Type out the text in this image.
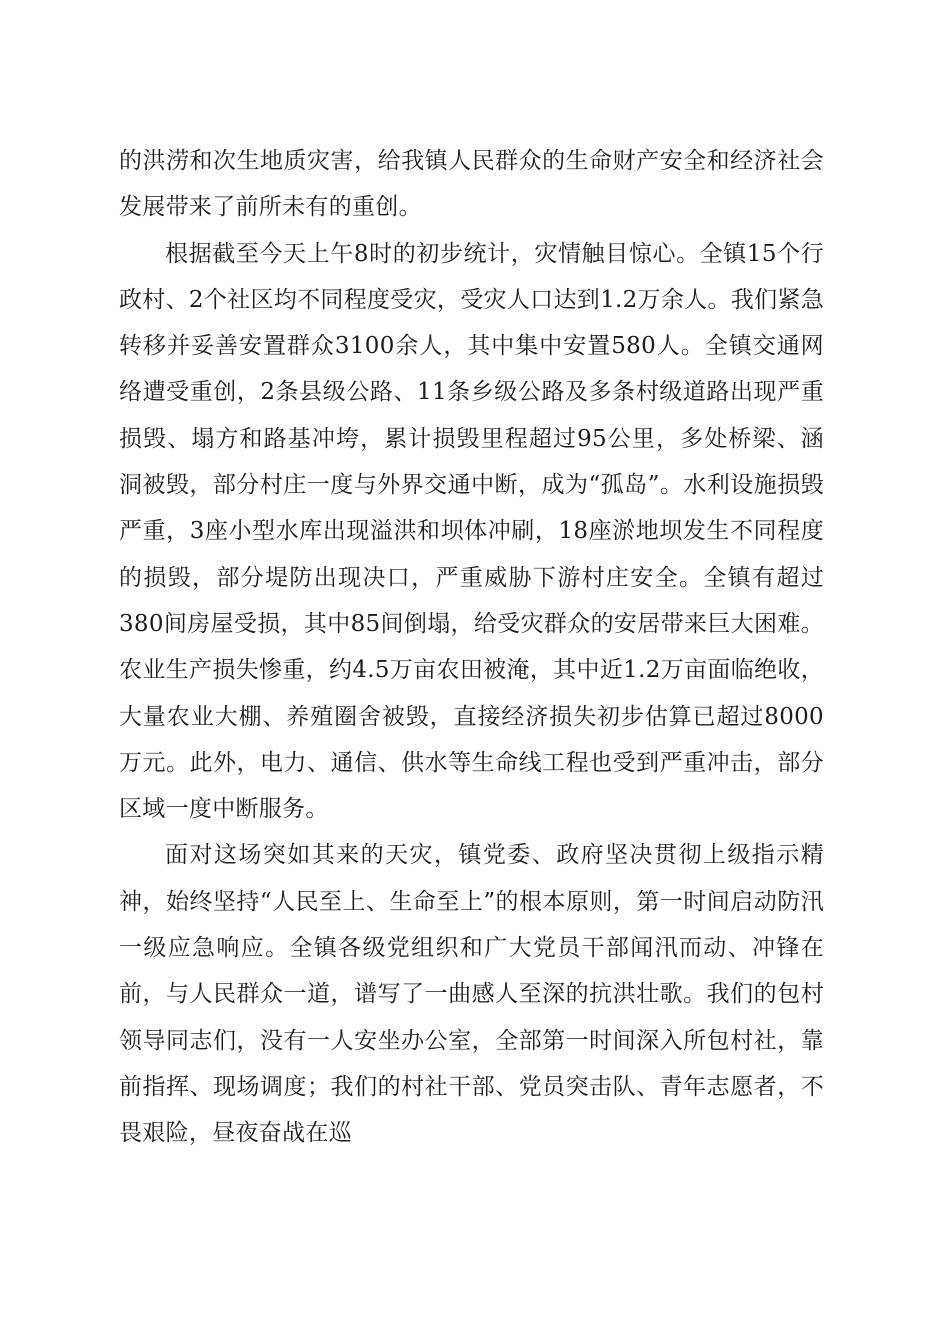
的洪涝和次生地质灾害，给我镇人民群众的生命财产安全和经济社会发展带来了前所未有的重创。

根据截至今天上午8时的初步统计，灾情触目惊心。全镇15个行政村、2个社区均不同程度受灾，受灾人口达到1.2万余人。我们紧急转移并妥善安置群众3100余人，其中集中安置580人。全镇交通网络遭受重创，2条县级公路、11条乡级公路及多条村级道路出现严重损毁、塌方和路基冲垮，累计损毁里程超过95公里，多处桥梁、涵洞被毁，部分村庄一度与外界交通中断，成为“孤岛”。水利设施损毁严重，3座小型水库出现溢洪和坝体冲刷，18座淤地坝发生不同程度的损毁，部分堤防出现决口，严重威胁下游村庄安全。全镇有超过380间房屋受损，其中85间倒塌，给受灾群众的安居带来巨大困难。农业生产损失惨重，约4.5万亩农田被淹，其中近1.2万亩面临绝收，大量农业大棚、养殖圈舍被毁，直接经济损失初步估算已超过8000万元。此外，电力、通信、供水等生命线工程也受到严重冲击，部分区域一度中断服务。

面对这场突如其来的天灾，镇党委、政府坚决贯彻上级指示精神，始终坚持“人民至上、生命至上”的根本原则，第一时间启动防汛一级应急响应。全镇各级党组织和广大党员干部闻汛而动、冲锋在前，与人民群众一道，谱写了一曲感人至深的抗洪壮歌。我们的包村领导同志们，没有一人安坐办公室，全部第一时间深入所包村社，靠前指挥、现场调度；我们的村社干部、党员突击队、青年志愿者，不畏艰险，昼夜奋战在巡
